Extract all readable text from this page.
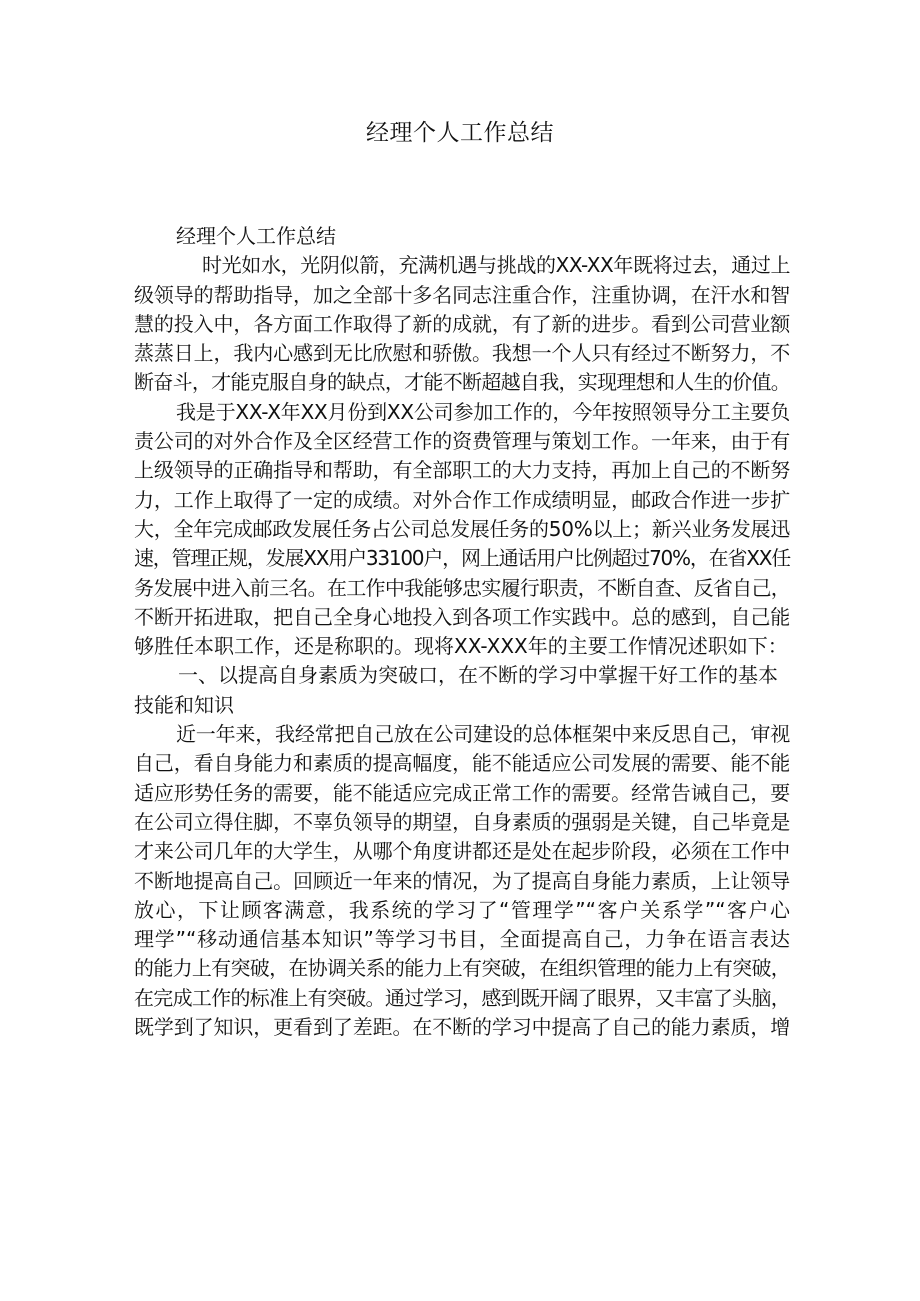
经理个人工作总结
经理个人工作总结
时光如水，光阴似箭，充满机遇与挑战的XX-XX年既将过去，通过上
级领导的帮助指导，加之全部十多名同志注重合作，注重协调，在汗水和智
慧的投入中，各方面工作取得了新的成就，有了新的进步。看到公司营业额
蒸蒸日上，我内心感到无比欣慰和骄傲。我想一个人只有经过不断努力，不
断奋斗，才能克服自身的缺点，才能不断超越自我，实现理想和人生的价值。
我是于XX-X年XX月份到XX公司参加工作的，今年按照领导分工主要负
责公司的对外合作及全区经营工作的资费管理与策划工作。一年来，由于有
上级领导的正确指导和帮助，有全部职工的大力支持，再加上自己的不断努
力，工作上取得了一定的成绩。对外合作工作成绩明显，邮政合作进一步扩
大，全年完成邮政发展任务占公司总发展任务的50%以上；新兴业务发展迅
速，管理正规，发展XX用户33100户，网上通话用户比例超过70%，在省XX任
务发展中进入前三名。在工作中我能够忠实履行职责，不断自查、反省自己，
不断开拓进取，把自己全身心地投入到各项工作实践中。总的感到，自己能
够胜任本职工作，还是称职的。现将XX-XXX年的主要工作情况述职如下：
一、以提高自身素质为突破口，在不断的学习中掌握干好工作的基本
技能和知识
近一年来，我经常把自己放在公司建设的总体框架中来反思自己，审视
自己，看自身能力和素质的提高幅度，能不能适应公司发展的需要、能不能
适应形势任务的需要，能不能适应完成正常工作的需要。经常告诫自己，要
在公司立得住脚，不辜负领导的期望，自身素质的强弱是关键，自己毕竟是
才来公司几年的大学生，从哪个角度讲都还是处在起步阶段，必须在工作中
不断地提高自己。回顾近一年来的情况，为了提高自身能力素质，上让领导
放心，下让顾客满意，我系统的学习了“管理学”“客户关系学”“客户心
理学”“移动通信基本知识”等学习书目，全面提高自己，力争在语言表达
的能力上有突破，在协调关系的能力上有突破，在组织管理的能力上有突破，
在完成工作的标准上有突破。通过学习，感到既开阔了眼界，又丰富了头脑，
既学到了知识，更看到了差距。在不断的学习中提高了自己的能力素质，增
